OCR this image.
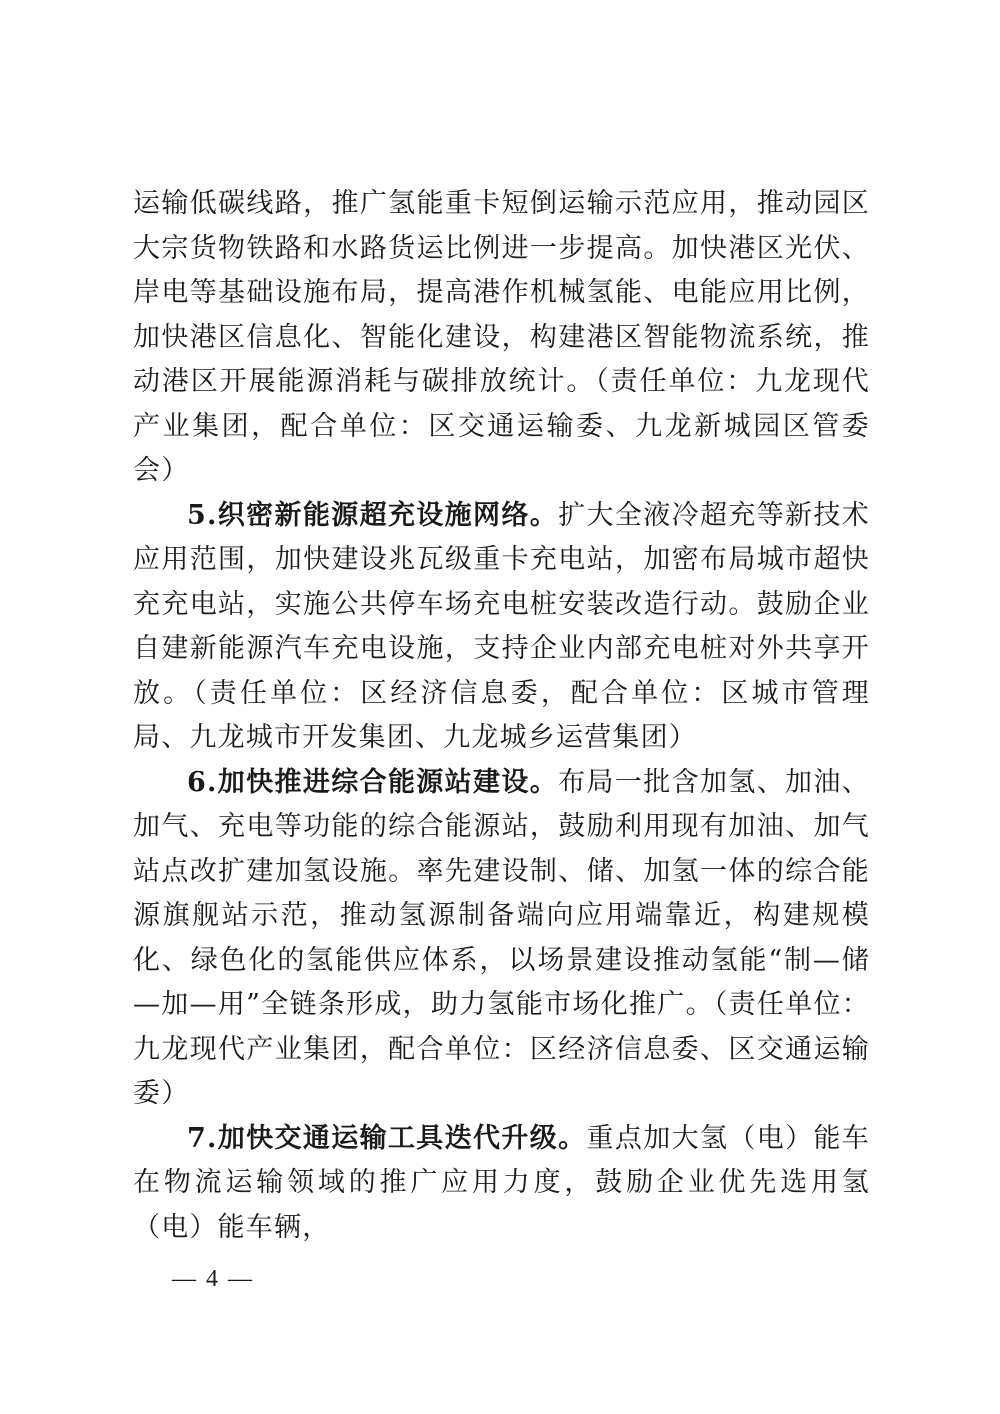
运输低碳线路，推广氢能重卡短倒运输示范应用，推动园区大宗货物铁路和水路货运比例进一步提高。加快港区光伏、岸电等基础设施布局，提高港作机械氢能、电能应用比例，加快港区信息化、智能化建设，构建港区智能物流系统，推动港区开展能源消耗与碳排放统计。（责任单位：九龙现代产业集团，配合单位：区交通运输委、九龙新城园区管委会）

5.织密新能源超充设施网络。扩大全液冷超充等新技术应用范围，加快建设兆瓦级重卡充电站，加密布局城市超快充充电站，实施公共停车场充电桩安装改造行动。鼓励企业自建新能源汽车充电设施，支持企业内部充电桩对外共享开放。（责任单位：区经济信息委，配合单位：区城市管理局、九龙城市开发集团、九龙城乡运营集团）

6.加快推进综合能源站建设。布局一批含加氢、加油、加气、充电等功能的综合能源站，鼓励利用现有加油、加气站点改扩建加氢设施。率先建设制、储、加氢一体的综合能源旗舰站示范，推动氢源制备端向应用端靠近，构建规模化、绿色化的氢能供应体系，以场景建设推动氢能“制—储—加—用”全链条形成，助力氢能市场化推广。（责任单位：九龙现代产业集团，配合单位：区经济信息委、区交通运输委）

7.加快交通运输工具迭代升级。重点加大氢（电）能车在物流运输领域的推广应用力度，鼓励企业优先选用氢（电）能车辆，

— 4 —
